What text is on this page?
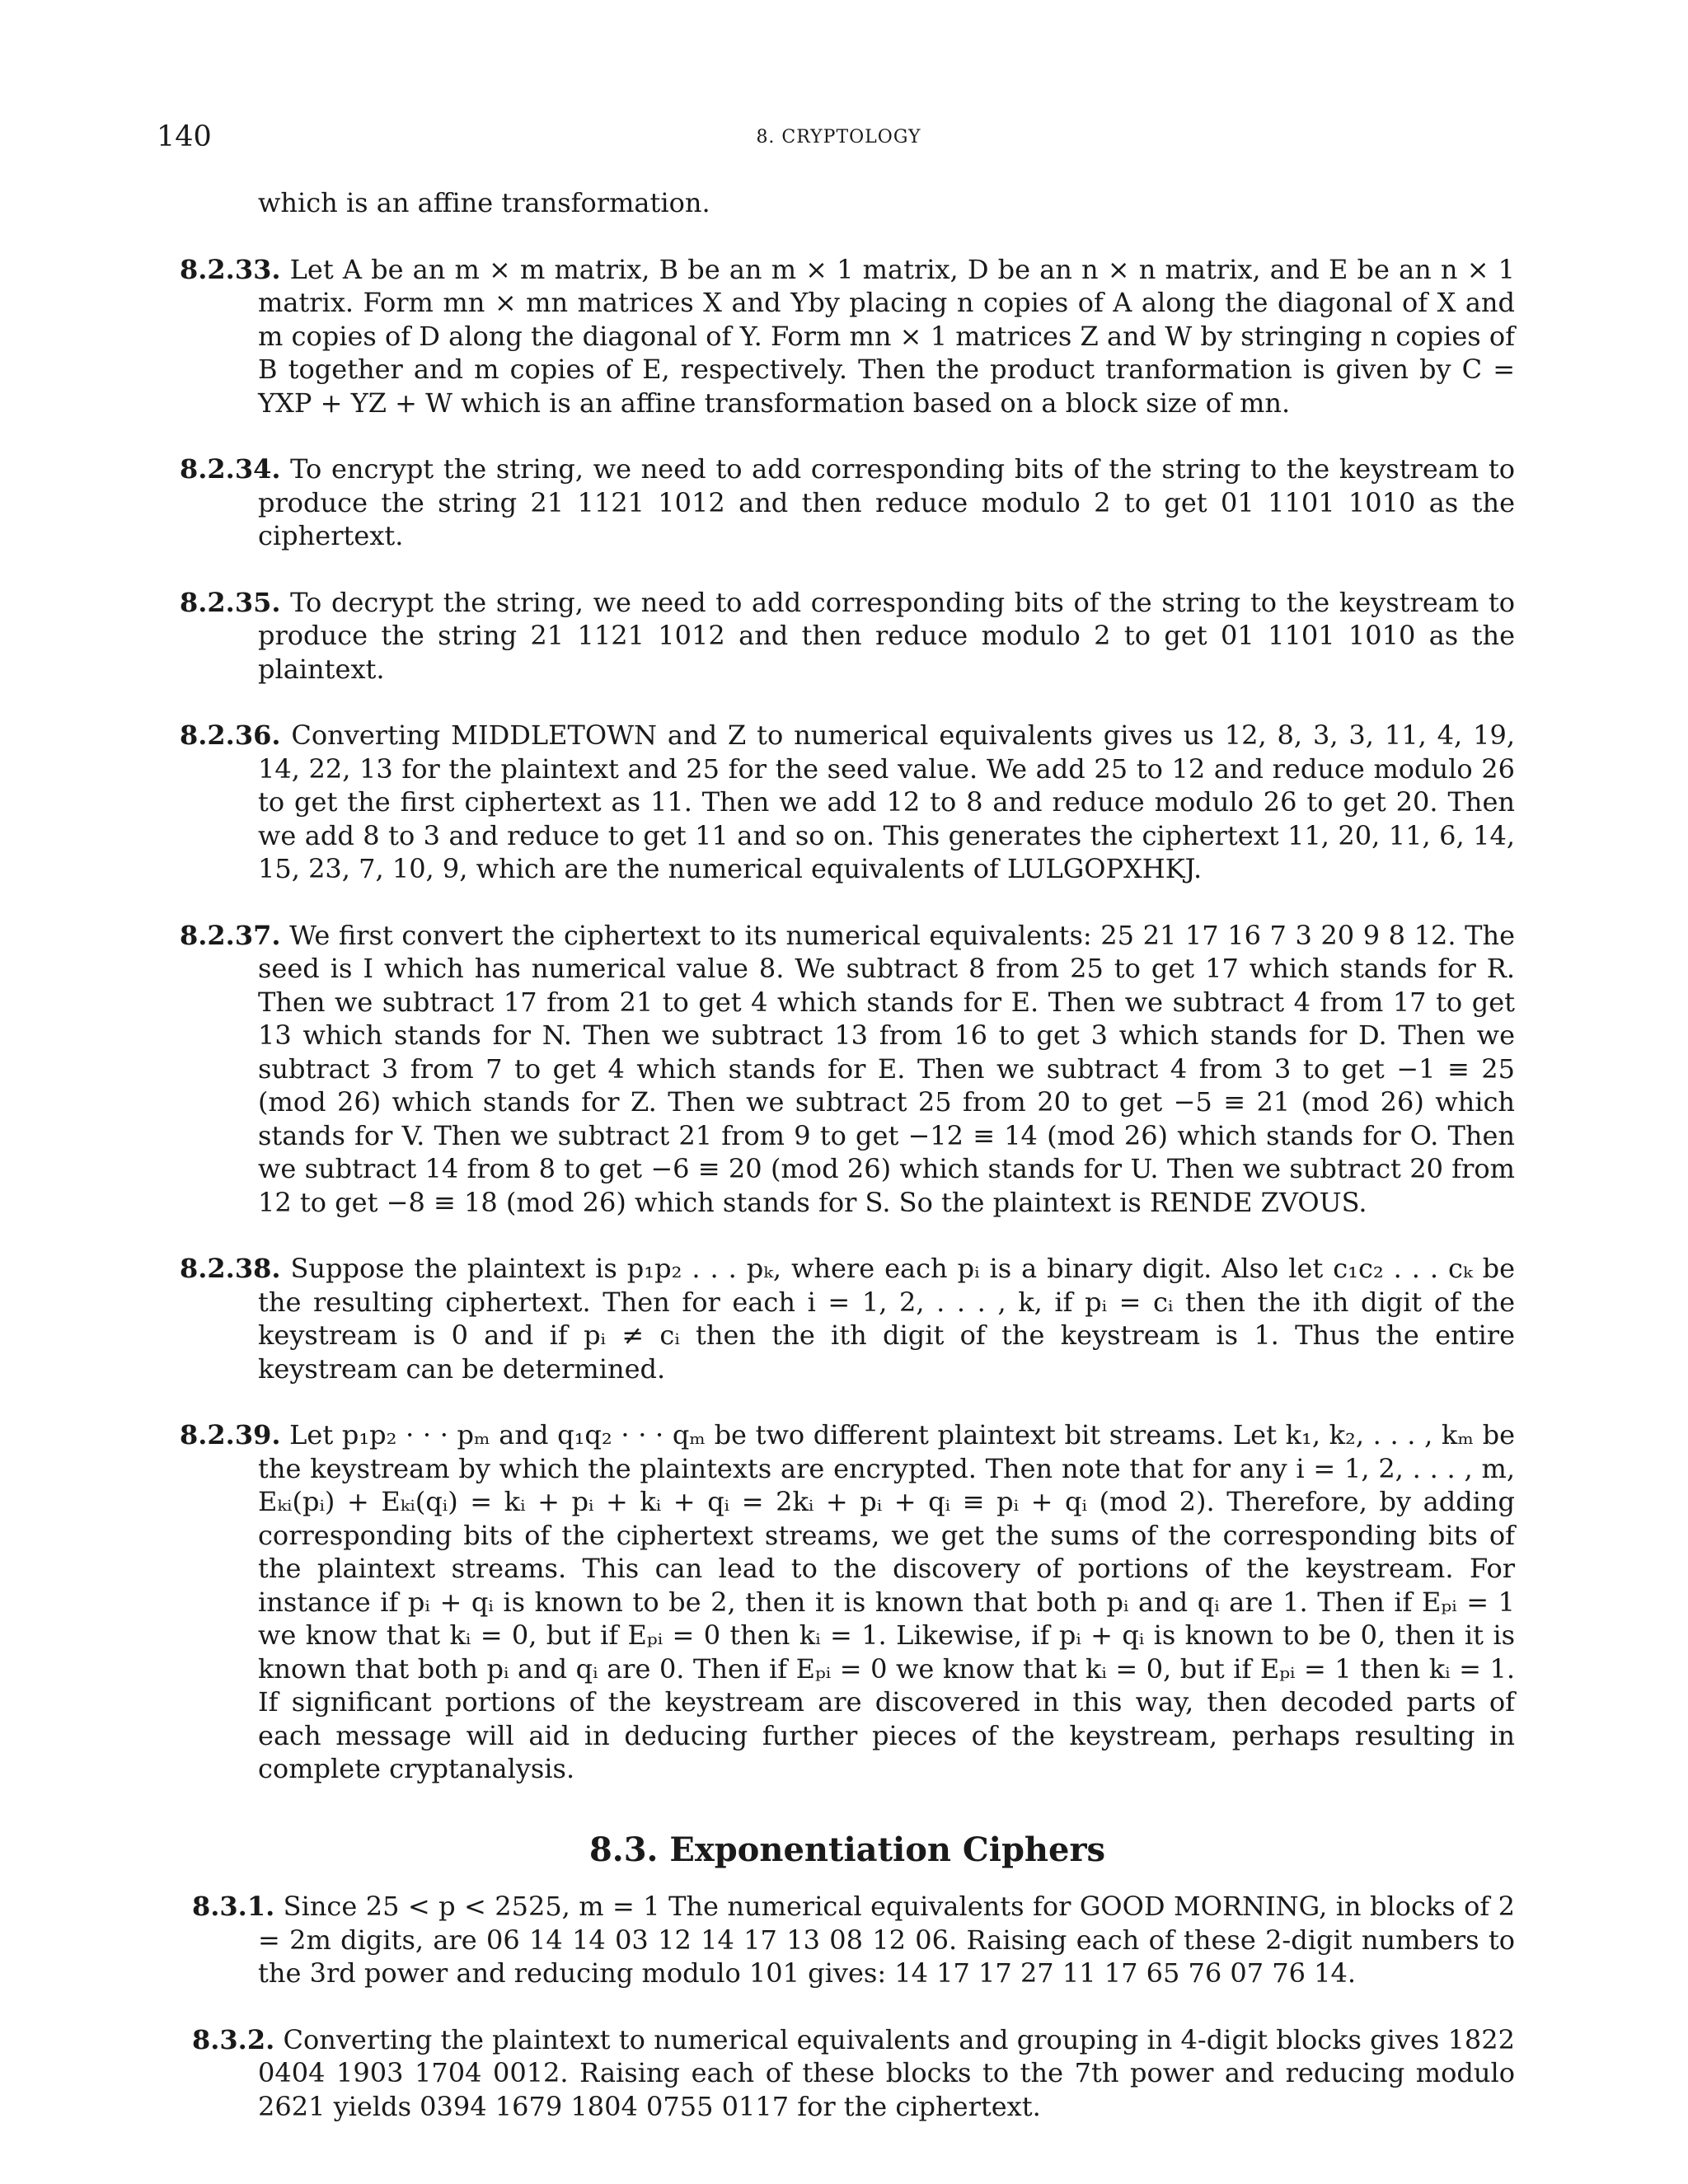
140	8. CRYPTOLOGY

which is an affine transformation.

8.2.33. Let A be an m × m matrix, B be an m × 1 matrix, D be an n × n matrix, and E be an n × 1 matrix. Form mn × mn matrices X and Yby placing n copies of A along the diagonal of X and m copies of D along the diagonal of Y. Form mn × 1 matrices Z and W by stringing n copies of B together and m copies of E, respectively. Then the product tranformation is given by C = YXP + YZ + W which is an affine transformation based on a block size of mn.

8.2.34. To encrypt the string, we need to add corresponding bits of the string to the keystream to produce the string 21 1121 1012 and then reduce modulo 2 to get 01 1101 1010 as the ciphertext.

8.2.35. To decrypt the string, we need to add corresponding bits of the string to the keystream to produce the string 21 1121 1012 and then reduce modulo 2 to get 01 1101 1010 as the plaintext.

8.2.36. Converting MIDDLETOWN and Z to numerical equivalents gives us 12, 8, 3, 3, 11, 4, 19, 14, 22, 13 for the plaintext and 25 for the seed value. We add 25 to 12 and reduce modulo 26 to get the first ciphertext as 11. Then we add 12 to 8 and reduce modulo 26 to get 20. Then we add 8 to 3 and reduce to get 11 and so on. This generates the ciphertext 11, 20, 11, 6, 14, 15, 23, 7, 10, 9, which are the numerical equivalents of LULGOPXHKJ.

8.2.37. We first convert the ciphertext to its numerical equivalents: 25 21 17 16 7 3 20 9 8 12. The seed is I which has numerical value 8. We subtract 8 from 25 to get 17 which stands for R. Then we subtract 17 from 21 to get 4 which stands for E. Then we subtract 4 from 17 to get 13 which stands for N. Then we subtract 13 from 16 to get 3 which stands for D. Then we subtract 3 from 7 to get 4 which stands for E. Then we subtract 4 from 3 to get −1 ≡ 25 (mod 26) which stands for Z. Then we subtract 25 from 20 to get −5 ≡ 21 (mod 26) which stands for V. Then we subtract 21 from 9 to get −12 ≡ 14 (mod 26) which stands for O. Then we subtract 14 from 8 to get −6 ≡ 20 (mod 26) which stands for U. Then we subtract 20 from 12 to get −8 ≡ 18 (mod 26) which stands for S. So the plaintext is RENDE ZVOUS.

8.2.38. Suppose the plaintext is p₁p₂ . . . pₖ, where each pᵢ is a binary digit. Also let c₁c₂ . . . cₖ be the resulting ciphertext. Then for each i = 1, 2, . . . , k, if pᵢ = cᵢ then the ith digit of the keystream is 0 and if pᵢ ≠ cᵢ then the ith digit of the keystream is 1. Thus the entire keystream can be determined.

8.2.39. Let p₁p₂ · · · pₘ and q₁q₂ · · · qₘ be two different plaintext bit streams. Let k₁, k₂, . . . , kₘ be the keystream by which the plaintexts are encrypted. Then note that for any i = 1, 2, . . . , m, Eₖᵢ(pᵢ) + Eₖᵢ(qᵢ) = kᵢ + pᵢ + kᵢ + qᵢ = 2kᵢ + pᵢ + qᵢ ≡ pᵢ + qᵢ (mod 2). Therefore, by adding corresponding bits of the ciphertext streams, we get the sums of the corresponding bits of the plaintext streams. This can lead to the discovery of portions of the keystream. For instance if pᵢ + qᵢ is known to be 2, then it is known that both pᵢ and qᵢ are 1. Then if Eₚᵢ = 1 we know that kᵢ = 0, but if Eₚᵢ = 0 then kᵢ = 1. Likewise, if pᵢ + qᵢ is known to be 0, then it is known that both pᵢ and qᵢ are 0. Then if Eₚᵢ = 0 we know that kᵢ = 0, but if Eₚᵢ = 1 then kᵢ = 1. If significant portions of the keystream are discovered in this way, then decoded parts of each message will aid in deducing further pieces of the keystream, perhaps resulting in complete cryptanalysis.

8.3. Exponentiation Ciphers

8.3.1. Since 25 < p < 2525, m = 1 The numerical equivalents for GOOD MORNING, in blocks of 2 = 2m digits, are 06 14 14 03 12 14 17 13 08 12 06. Raising each of these 2-digit numbers to the 3rd power and reducing modulo 101 gives: 14 17 17 27 11 17 65 76 07 76 14.

8.3.2. Converting the plaintext to numerical equivalents and grouping in 4-digit blocks gives 1822 0404 1903 1704 0012. Raising each of these blocks to the 7th power and reducing modulo 2621 yields 0394 1679 1804 0755 0117 for the ciphertext.
